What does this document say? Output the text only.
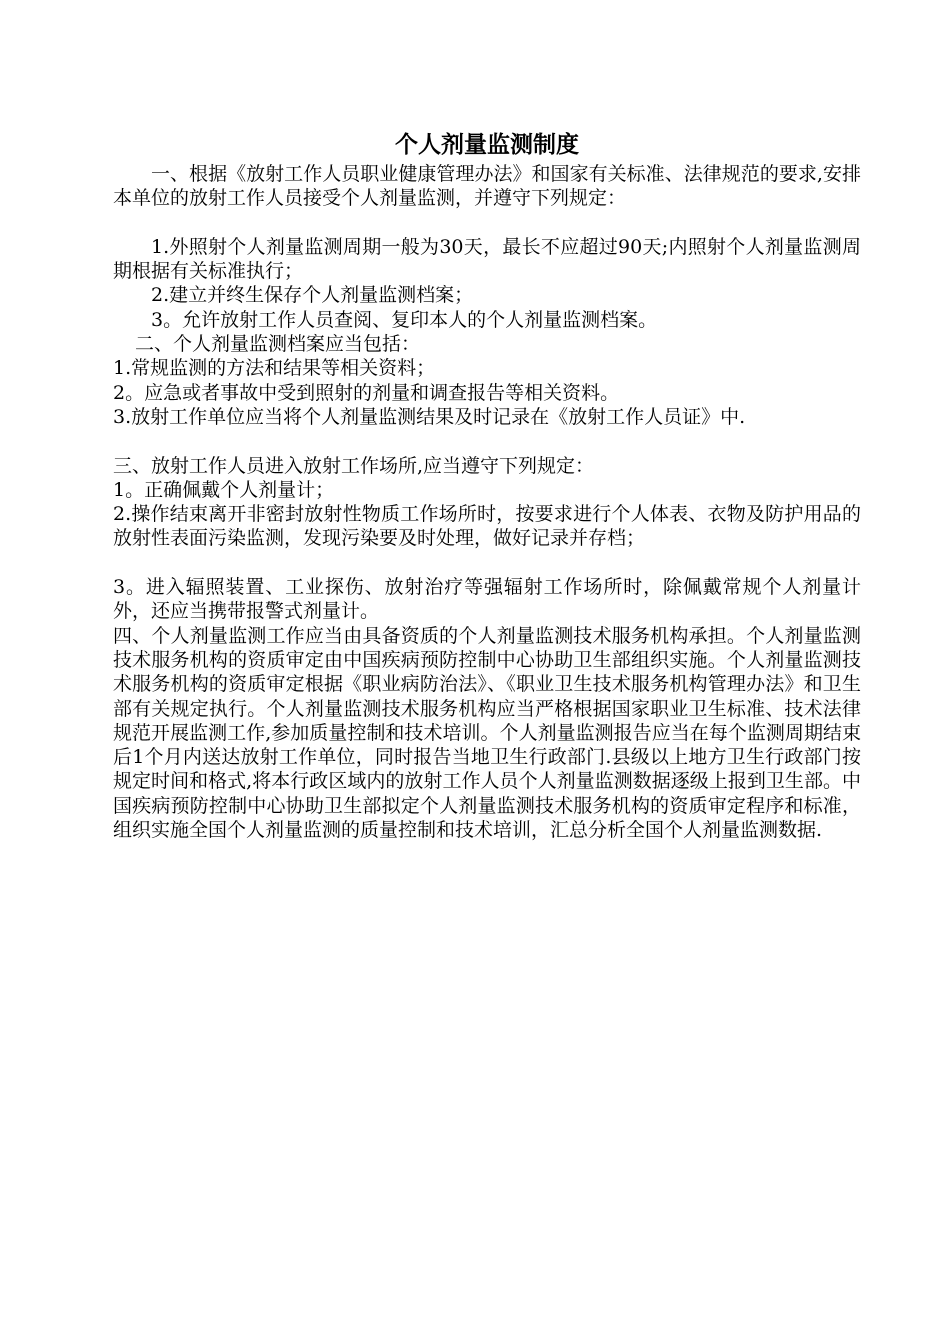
个人剂量监测制度

一、根据《放射工作人员职业健康管理办法》和国家有关标准、法律规范的要求,安排本单位的放射工作人员接受个人剂量监测，并遵守下列规定：

1.外照射个人剂量监测周期一般为30天，最长不应超过90天;内照射个人剂量监测周期根据有关标准执行；

2.建立并终生保存个人剂量监测档案；

3。允许放射工作人员查阅、复印本人的个人剂量监测档案。

二、个人剂量监测档案应当包括：

1.常规监测的方法和结果等相关资料；

2。应急或者事故中受到照射的剂量和调查报告等相关资料。

3.放射工作单位应当将个人剂量监测结果及时记录在《放射工作人员证》中.

三、放射工作人员进入放射工作场所,应当遵守下列规定：

1。正确佩戴个人剂量计；

2.操作结束离开非密封放射性物质工作场所时，按要求进行个人体表、衣物及防护用品的放射性表面污染监测，发现污染要及时处理，做好记录并存档；

3。进入辐照装置、工业探伤、放射治疗等强辐射工作场所时，除佩戴常规个人剂量计外，还应当携带报警式剂量计。

四、个人剂量监测工作应当由具备资质的个人剂量监测技术服务机构承担。个人剂量监测技术服务机构的资质审定由中国疾病预防控制中心协助卫生部组织实施。个人剂量监测技术服务机构的资质审定根据《职业病防治法》、《职业卫生技术服务机构管理办法》和卫生部有关规定执行。个人剂量监测技术服务机构应当严格根据国家职业卫生标准、技术法律规范开展监测工作,参加质量控制和技术培训。个人剂量监测报告应当在每个监测周期结束后1个月内送达放射工作单位，同时报告当地卫生行政部门.县级以上地方卫生行政部门按规定时间和格式,将本行政区域内的放射工作人员个人剂量监测数据逐级上报到卫生部。中国疾病预防控制中心协助卫生部拟定个人剂量监测技术服务机构的资质审定程序和标准，组织实施全国个人剂量监测的质量控制和技术培训，汇总分析全国个人剂量监测数据.
